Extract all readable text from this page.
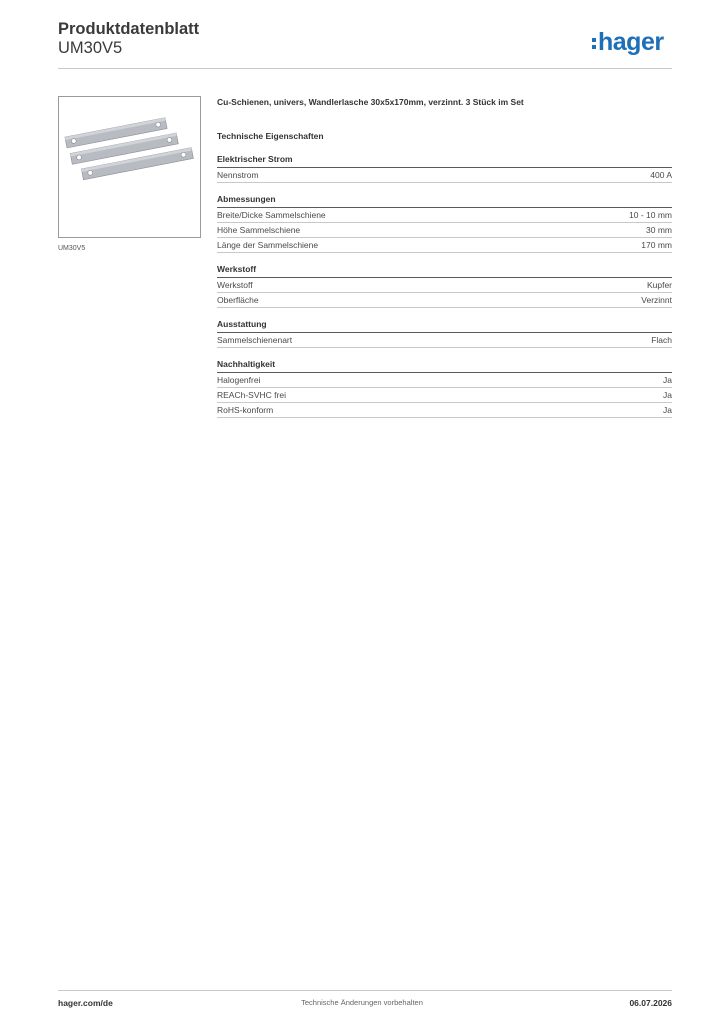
Produktdatenblatt
UM30V5	hager
UM30V5
Cu-Schienen, univers, Wandlerlasche 30x5x170mm, verzinnt. 3 Stück im Set
Technische Eigenschaften
Elektrischer Strom
Nennstrom	400 A
Abmessungen
Breite/Dicke Sammelschiene	10 - 10 mm
Höhe Sammelschiene	30 mm
Länge der Sammelschiene	170 mm
Werkstoff
Werkstoff	Kupfer
Oberfläche	Verzinnt
Ausstattung
Sammelschienenart	Flach
Nachhaltigkeit
Halogenfrei	Ja
REACh-SVHC frei	Ja
RoHS-konform	Ja
hager.com/de	Technische Änderungen vorbehalten	06.07.2026
